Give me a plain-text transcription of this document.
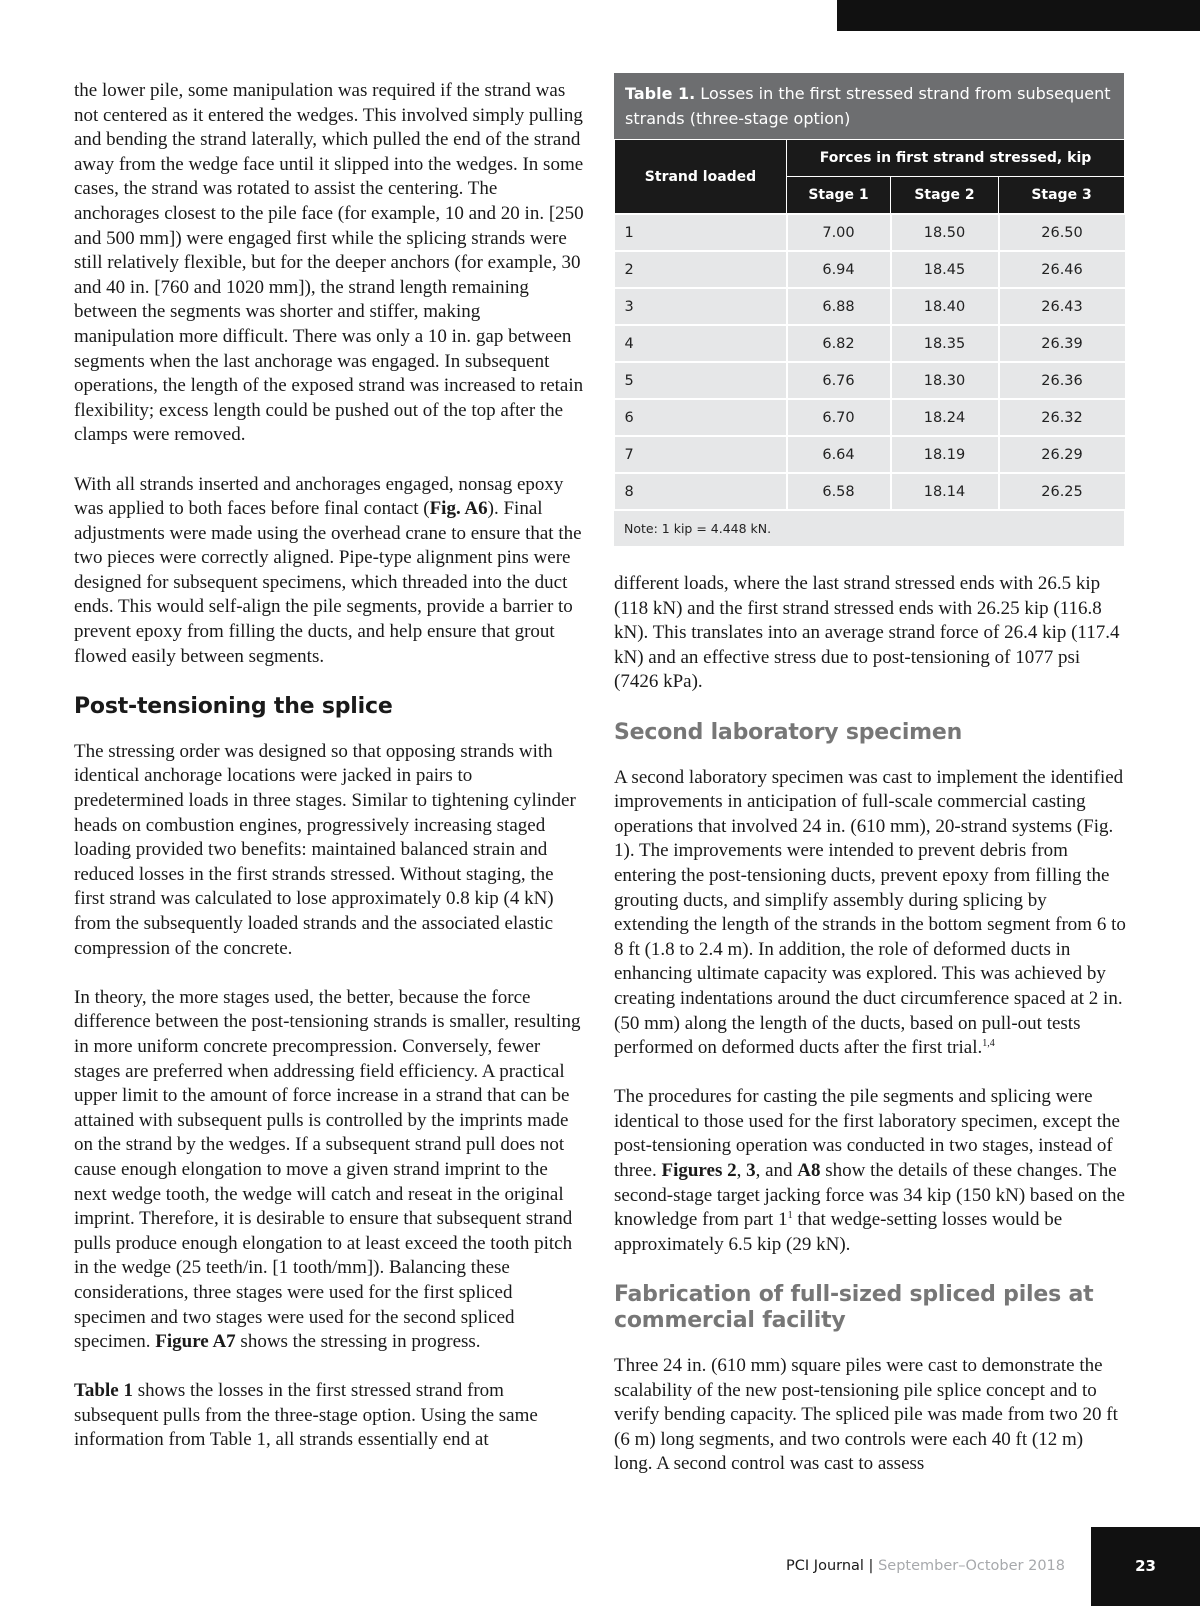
the lower pile, some manipulation was required if the strand was not centered as it entered the wedges. This involved simply pulling and bending the strand laterally, which pulled the end of the strand away from the wedge face until it slipped into the wedges. In some cases, the strand was rotated to assist the centering. The anchorages closest to the pile face (for example, 10 and 20 in. [250 and 500 mm]) were engaged first while the splicing strands were still relatively flexible, but for the deeper anchors (for example, 30 and 40 in. [760 and 1020 mm]), the strand length remaining between the segments was shorter and stiffer, making manipulation more difficult. There was only a 10 in. gap between segments when the last anchorage was engaged. In subsequent operations, the length of the exposed strand was increased to retain flexibility; excess length could be pushed out of the top after the clamps were removed.

With all strands inserted and anchorages engaged, nonsag epoxy was applied to both faces before final contact (Fig. A6). Final adjustments were made using the overhead crane to ensure that the two pieces were correctly aligned. Pipe-type alignment pins were designed for subsequent specimens, which threaded into the duct ends. This would self-align the pile segments, provide a barrier to prevent epoxy from filling the ducts, and help ensure that grout flowed easily between segments.

Post-tensioning the splice

The stressing order was designed so that opposing strands with identical anchorage locations were jacked in pairs to predetermined loads in three stages. Similar to tightening cylinder heads on combustion engines, progressively increasing staged loading provided two benefits: maintained balanced strain and reduced losses in the first strands stressed. Without staging, the first strand was calculated to lose approximately 0.8 kip (4 kN) from the subsequently loaded strands and the associated elastic compression of the concrete.

In theory, the more stages used, the better, because the force difference between the post-tensioning strands is smaller, resulting in more uniform concrete precompression. Conversely, fewer stages are preferred when addressing field efficiency. A practical upper limit to the amount of force increase in a strand that can be attained with subsequent pulls is controlled by the imprints made on the strand by the wedges. If a subsequent strand pull does not cause enough elongation to move a given strand imprint to the next wedge tooth, the wedge will catch and reseat in the original imprint. Therefore, it is desirable to ensure that subsequent strand pulls produce enough elongation to at least exceed the tooth pitch in the wedge (25 teeth/in. [1 tooth/mm]). Balancing these considerations, three stages were used for the first spliced specimen and two stages were used for the second spliced specimen. Figure A7 shows the stressing in progress.

Table 1 shows the losses in the first stressed strand from subsequent pulls from the three-stage option. Using the same information from Table 1, all strands essentially end at

Table 1. Losses in the first stressed strand from subsequent strands (three-stage option)
Strand loaded	Forces in first strand stressed, kip		
	Stage 1	Stage 2	Stage 3
1	7.00	18.50	26.50
2	6.94	18.45	26.46
3	6.88	18.40	26.43
4	6.82	18.35	26.39
5	6.76	18.30	26.36
6	6.70	18.24	26.32
7	6.64	18.19	26.29
8	6.58	18.14	26.25
Note: 1 kip = 4.448 kN.

different loads, where the last strand stressed ends with 26.5 kip (118 kN) and the first strand stressed ends with 26.25 kip (116.8 kN). This translates into an average strand force of 26.4 kip (117.4 kN) and an effective stress due to post-tensioning of 1077 psi (7426 kPa).

Second laboratory specimen

A second laboratory specimen was cast to implement the identified improvements in anticipation of full-scale commercial casting operations that involved 24 in. (610 mm), 20-strand systems (Fig. 1). The improvements were intended to prevent debris from entering the post-tensioning ducts, prevent epoxy from filling the grouting ducts, and simplify assembly during splicing by extending the length of the strands in the bottom segment from 6 to 8 ft (1.8 to 2.4 m). In addition, the role of deformed ducts in enhancing ultimate capacity was explored. This was achieved by creating indentations around the duct circumference spaced at 2 in. (50 mm) along the length of the ducts, based on pull-out tests performed on deformed ducts after the first trial.$^{1,4}$

The procedures for casting the pile segments and splicing were identical to those used for the first laboratory specimen, except the post-tensioning operation was conducted in two stages, instead of three. Figures 2, 3, and A8 show the details of these changes. The second-stage target jacking force was 34 kip (150 kN) based on the knowledge from part $1^1$ that wedge-setting losses would be approximately 6.5 kip (29 kN).

Fabrication of full-sized spliced piles at commercial facility

Three 24 in. (610 mm) square piles were cast to demonstrate the scalability of the new post-tensioning pile splice concept and to verify bending capacity. The spliced pile was made from two 20 ft (6 m) long segments, and two controls were each 40 ft (12 m) long. A second control was cast to assess

PCI Journal | September–October 2018	23
